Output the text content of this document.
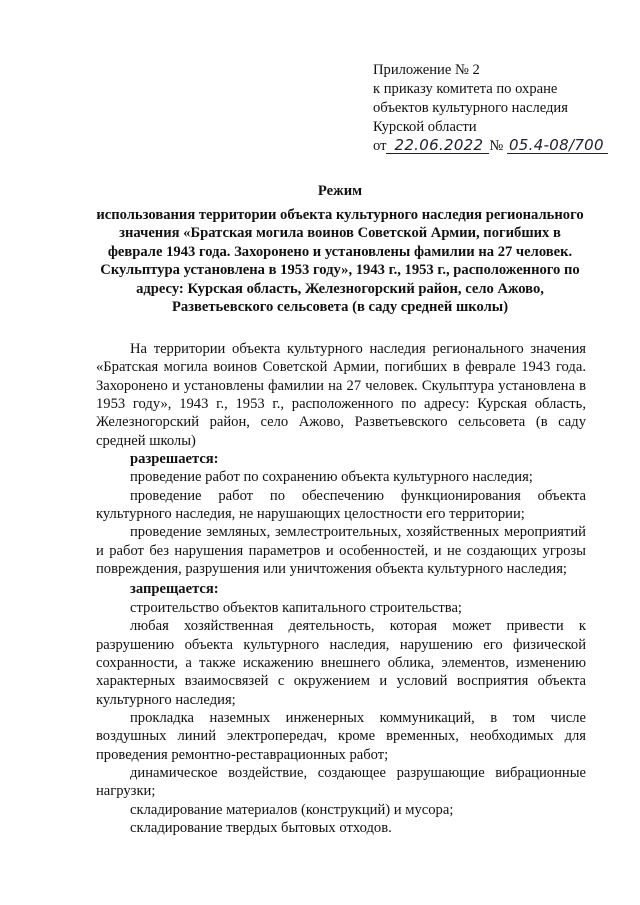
Приложение № 2
к приказу комитета по охране
объектов культурного наследия
Курской области
от 22.06.2022 № 05.4-08/700
Режим
использования территории объекта культурного наследия регионального значения «Братская могила воинов Советской Армии, погибших в феврале 1943 года. Захоронено и установлены фамилии на 27 человек. Скульптура установлена в 1953 году», 1943 г., 1953 г., расположенного по адресу: Курская область, Железногорский район, село Ажово, Разветьевского сельсовета (в саду средней школы)

На территории объекта культурного наследия регионального значения «Братская могила воинов Советской Армии, погибших в феврале 1943 года. Захоронено и установлены фамилии на 27 человек. Скульптура установлена в 1953 году», 1943 г., 1953 г., расположенного по адресу: Курская область, Железногорский район, село Ажово, Разветьевского сельсовета (в саду средней школы)

разрешается:

проведение работ по сохранению объекта культурного наследия;

проведение работ по обеспечению функционирования объекта культурного наследия, не нарушающих целостности его территории;

проведение земляных, землестроительных, хозяйственных мероприятий и работ без нарушения параметров и особенностей, и не создающих угрозы повреждения, разрушения или уничтожения объекта культурного наследия;

запрещается:

строительство объектов капитального строительства;

любая хозяйственная деятельность, которая может привести к разрушению объекта культурного наследия, нарушению его физической сохранности, а также искажению внешнего облика, элементов, изменению характерных взаимосвязей с окружением и условий восприятия объекта культурного наследия;

прокладка наземных инженерных коммуникаций, в том числе воздушных линий электропередач, кроме временных, необходимых для проведения ремонтно-реставрационных работ;

динамическое воздействие, создающее разрушающие вибрационные нагрузки;

складирование материалов (конструкций) и мусора;

складирование твердых бытовых отходов.
